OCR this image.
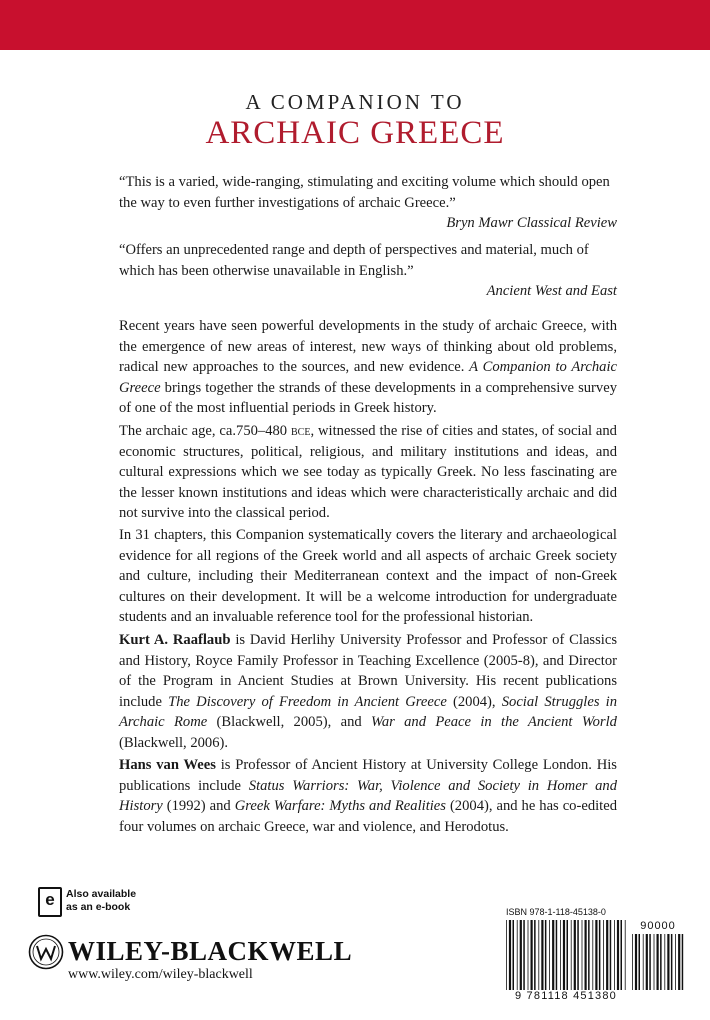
A COMPANION TO
ARCHAIC GREECE

“This is a varied, wide-ranging, stimulating and exciting volume which should open the way to even further investigations of archaic Greece.”

Bryn Mawr Classical Review

“Offers an unprecedented range and depth of perspectives and material, much of which has been otherwise unavailable in English.”

Ancient West and East

Recent years have seen powerful developments in the study of archaic Greece, with the emergence of new areas of interest, new ways of thinking about old problems, radical new approaches to the sources, and new evidence. A Companion to Archaic Greece brings together the strands of these developments in a comprehensive survey of one of the most influential periods in Greek history.

The archaic age, ca.750–480 bce, witnessed the rise of cities and states, of social and economic structures, political, religious, and military institutions and ideas, and cultural expressions which we see today as typically Greek. No less fascinating are the lesser known institutions and ideas which were characteristically archaic and did not survive into the classical period.

In 31 chapters, this Companion systematically covers the literary and archaeological evidence for all regions of the Greek world and all aspects of archaic Greek society and culture, including their Mediterranean context and the impact of non-Greek cultures on their development. It will be a welcome introduction for undergraduate students and an invaluable reference tool for the professional historian.

Kurt A. Raaflaub is David Herlihy University Professor and Professor of Classics and History, Royce Family Professor in Teaching Excellence (2005-8), and Director of the Program in Ancient Studies at Brown University. His recent publications include The Discovery of Freedom in Ancient Greece (2004), Social Struggles in Archaic Rome (Blackwell, 2005), and War and Peace in the Ancient World (Blackwell, 2006).

Hans van Wees is Professor of Ancient History at University College London. His publications include Status Warriors: War, Violence and Society in Homer and History (1992) and Greek Warfare: Myths and Realities (2004), and he has co-edited four volumes on archaic Greece, war and violence, and Herodotus.

e	Also available
as an e-book
WILEY-BLACKWELL
www.wiley.com/wiley-blackwell
ISBN 978-1-118-45138-0
90000
9 781118 451380
